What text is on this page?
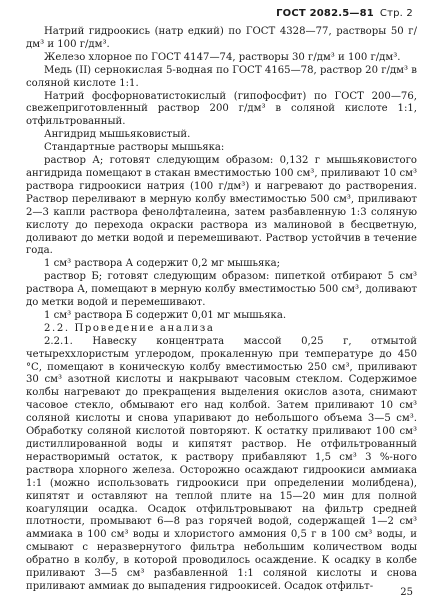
ГОСТ 2082.5—81 Стр. 2

Натрий гидроокись (натр едкий) по ГОСТ 4328—77, растворы 50 г/дм³ и 100 г/дм³.

Железо хлорное по ГОСТ 4147—74, растворы 30 г/дм³ и 100 г/дм³.

Медь (II) сернокислая 5-водная по ГОСТ 4165—78, раствор 20 г/дм³ в соляной кислоте 1:1.

Натрий фосфорноватистокислый (гипофосфит) по ГОСТ 200—76, свежеприготовленный раствор 200 г/дм³ в соляной кислоте 1:1, отфильтрованный.

Ангидрид мышьяковистый.

Стандартные растворы мышьяка:

раствор А; готовят следующим образом: 0,132 г мышьяковистого ангидрида помещают в стакан вместимостью 100 см³, приливают 10 см³ раствора гидроокиси натрия (100 г/дм³) и нагревают до растворения. Раствор переливают в мерную колбу вместимостью 500 см³, приливают 2—3 капли раствора фенолфталеина, затем разбавленную 1:3 соляную кислоту до перехода окраски раствора из малиновой в бесцветную, доливают до метки водой и перемешивают. Раствор устойчив в течение года.

1 см³ раствора А содержит 0,2 мг мышьяка;

раствор Б; готовят следующим образом: пипеткой отбирают 5 см³ раствора А, помещают в мерную колбу вместимостью 500 см³, доливают до метки водой и перемешивают.

1 см³ раствора Б содержит 0,01 мг мышьяка.

2.2. Проведение анализа

2.2.1. Навеску концентрата массой 0,25 г, отмытой четыреххлористым углеродом, прокаленную при температуре до 450 °С, помещают в коническую колбу вместимостью 250 см³, приливают 30 см³ азотной кислоты и накрывают часовым стеклом. Содержимое колбы нагревают до прекращения выделения окислов азота, снимают часовое стекло, обмывают его над колбой. Затем приливают 10 см³ соляной кислоты и снова упаривают до небольшого объема 3—5 см³. Обработку соляной кислотой повторяют. К остатку приливают 100 см³ дистиллированной воды и кипятят раствор. Не отфильтрованный нерастворимый остаток, к раствору прибавляют 1,5 см³ 3 %-ного раствора хлорного железа. Осторожно осаждают гидроокиси аммиака 1:1 (можно использовать гидроокиси при определении молибдена), кипятят и оставляют на теплой плите на 15—20 мин для полной коагуляции осадка. Осадок отфильтровывают на фильтр средней плотности, промывают 6—8 раз горячей водой, содержащей 1—2 см³ аммиака в 100 см³ воды и хлористого аммония 0,5 г в 100 см³ воды, и смывают с неразвернутого фильтра небольшим количеством воды обратно в колбу, в которой проводилось осаждение. К осадку в колбе приливают 3—5 см³ разбавленной 1:1 соляной кислоты и снова приливают аммиак до выпадения гидроокисей. Осадок отфильт-

25
